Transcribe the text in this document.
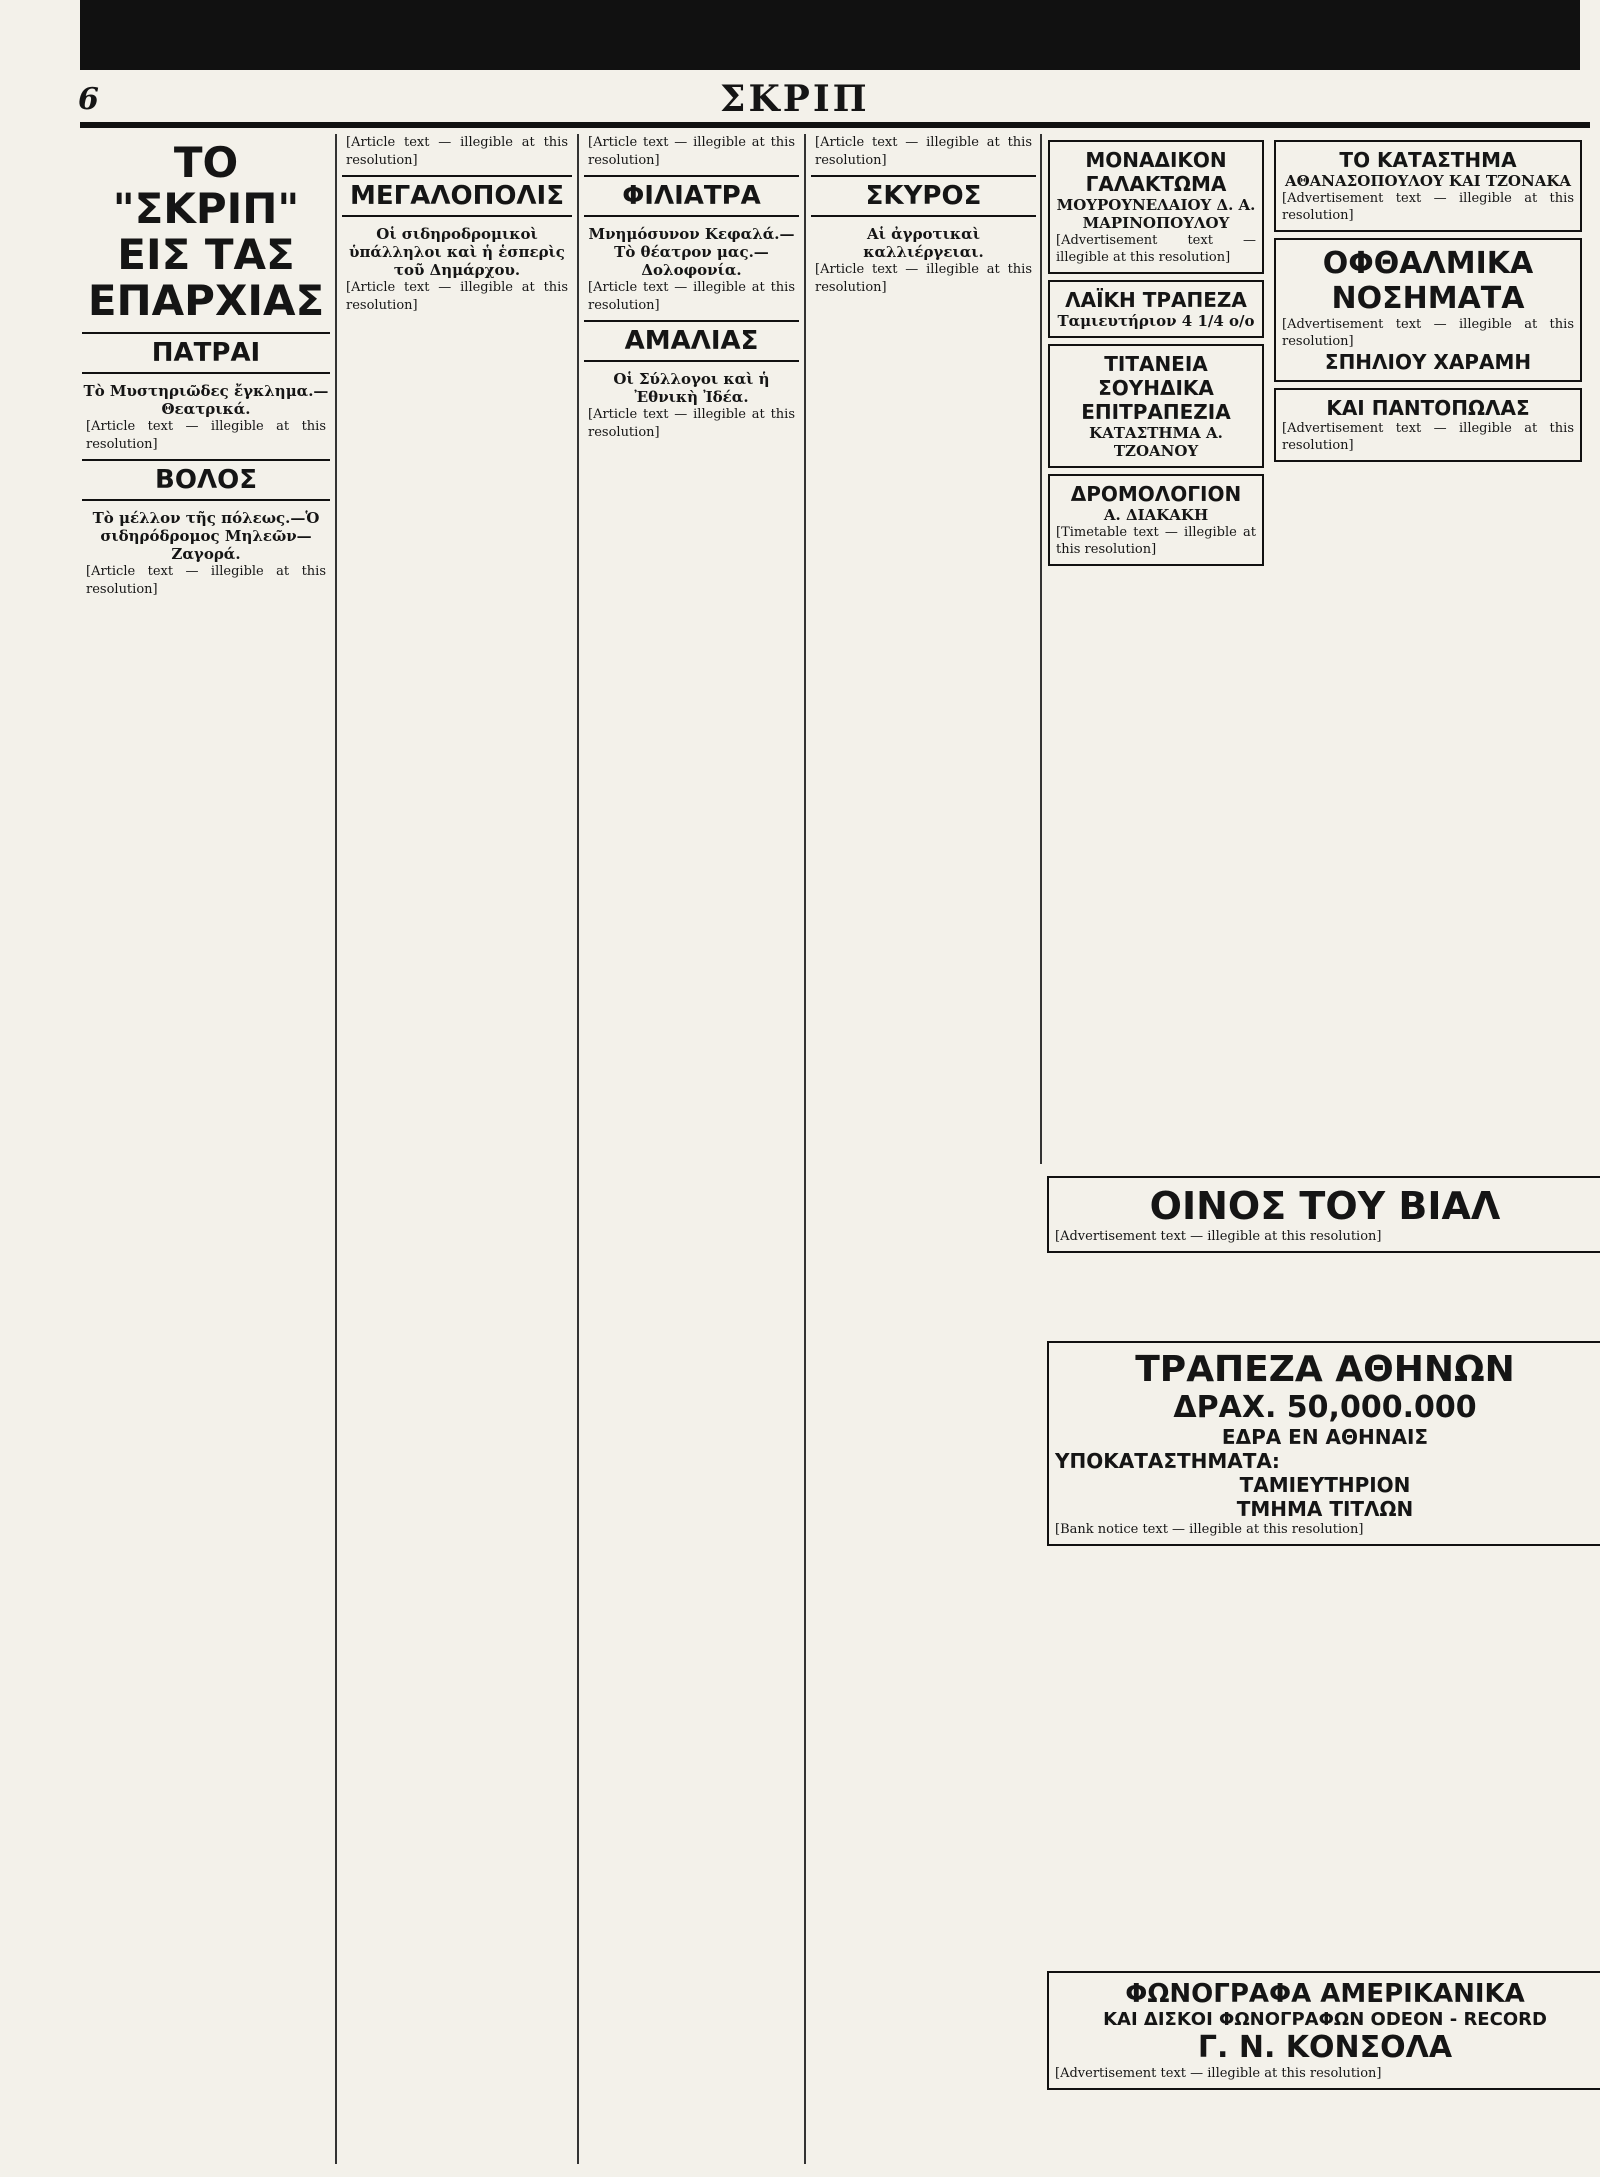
6	ΣΚΡΙΠ
ΤΟ "ΣΚΡΙΠ" ΕΙΣ ΤΑΣ ΕΠΑΡΧΙΑΣ
ΠΑΤΡΑΙ
Τὸ Μυστηριῶδες ἔγκλημα.— Θεατρικά.

[Article text — illegible at this resolution]

ΒΟΛΟΣ
Τὸ μέλλον τῆς πόλεως.—Ὁ σιδηρόδρομος Μηλεῶν— Ζαγορά.

[Article text — illegible at this resolution]

[Article text — illegible at this resolution]

ΜΕΓΑΛΟΠΟΛΙΣ
Οἱ σιδηροδρομικοὶ ὑπάλληλοι καὶ ἡ ἑσπερὶς τοῦ Δημάρχου.

[Article text — illegible at this resolution]

[Article text — illegible at this resolution]

ΦΙΛΙΑΤΡΑ
Μνημόσυνον Κεφαλά.— Τὸ θέατρον μας.—Δολοφονία.

[Article text — illegible at this resolution]

ΑΜΑΛΙΑΣ
Οἱ Σύλλογοι καὶ ἡ Ἐθνικὴ Ἰδέα.

[Article text — illegible at this resolution]

[Article text — illegible at this resolution]

ΣΚΥΡΟΣ
Αἱ ἀγροτικαὶ καλλιέργειαι.

[Article text — illegible at this resolution]

ΜΟΝΑΔΙΚΟΝ ΓΑΛΑΚΤΩΜΑ
ΜΟΥΡΟΥΝΕΛΑΙΟΥ Δ. Α. ΜΑΡΙΝΟΠΟΥΛΟΥ
[Advertisement text — illegible at this resolution]
ΛΑΪΚΗ ΤΡΑΠΕΖΑ
Ταμιευτήριον 4 1/4 ο/ο
ΤΙΤΑΝΕΙΑ ΣΟΥΗΔΙΚΑ ΕΠΙΤΡΑΠΕΖΙΑ
ΚΑΤΑΣΤΗΜΑ Α. ΤΖΟΑΝΟΥ
ΔΡΟΜΟΛΟΓΙΟΝ
Α. ΔΙΑΚΑΚΗ
[Timetable text — illegible at this resolution]
ΤΟ ΚΑΤΑΣΤΗΜΑ
ΑΘΑΝΑΣΟΠΟΥΛΟΥ ΚΑΙ ΤΖΟΝΑΚΑ
[Advertisement text — illegible at this resolution]
ΟΦΘΑΛΜΙΚΑ ΝΟΣΗΜΑΤΑ
[Advertisement text — illegible at this resolution]
ΣΠΗΛΙΟΥ ΧΑΡΑΜΗ
ΚΑΙ ΠΑΝΤΟΠΩΛΑΣ
[Advertisement text — illegible at this resolution]
ΟΙΝΟΣ ΤΟΥ ΒΙΑΛ
[Advertisement text — illegible at this resolution]
ΤΡΑΠΕΖΑ ΑΘΗΝΩΝ
ΔΡΑΧ. 50,000.000
ΕΔΡΑ ΕΝ ΑΘΗΝΑΙΣ
ΥΠΟΚΑΤΑΣΤΗΜΑΤΑ:
ΤΑΜΙΕΥΤΗΡΙΟΝ
ΤΜΗΜΑ ΤΙΤΛΩΝ
[Bank notice text — illegible at this resolution]
ΦΩΝΟΓΡΑΦΑ ΑΜΕΡΙΚΑΝΙΚΑ
ΚΑΙ ΔΙΣΚΟΙ ΦΩΝΟΓΡΑΦΩΝ ODEON - RECORD
Γ. Ν. ΚΟΝΣΟΛΑ
[Advertisement text — illegible at this resolution]
